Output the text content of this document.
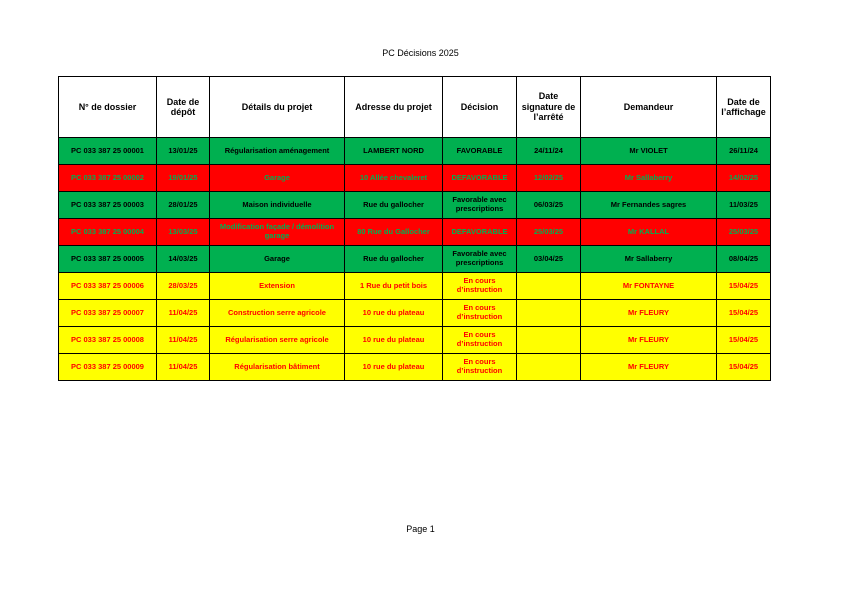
PC Décisions 2025
N° de dossier	Date de dépôt	Détails du projet	Adresse du projet	Décision	Date signature de l’arrêté	Demandeur	Date de l’affichage
PC 033 387 25 00001	13/01/25	Régularisation aménagement	LAMBERT NORD	FAVORABLE	24/11/24	Mr VIOLET	26/11/24
PC 033 387 25 00002	19/01/25	Garage	10 Allée chevaleret	DEFAVORABLE	12/02/25	Mr Sallaberry	14/02/25
PC 033 387 25 00003	28/01/25	Maison individuelle	Rue du gallocher	Favorable avec prescriptions	06/03/25	Mr Fernandes sagres	11/03/25
PC 033 387 25 00004	13/03/25	Modification façade / démolition garage	80 Rue du Gallocher	DEFAVORABLE	25/03/25	Mr KALLAL	25/03/25
PC 033 387 25 00005	14/03/25	Garage	Rue du gallocher	Favorable avec prescriptions	03/04/25	Mr Sallaberry	08/04/25
PC 033 387 25 00006	28/03/25	Extension	1 Rue du petit bois	En cours d’instruction		Mr FONTAYNE	15/04/25
PC 033 387 25 00007	11/04/25	Construction serre agricole	10 rue du plateau	En cours d’instruction		Mr FLEURY	15/04/25
PC 033 387 25 00008	11/04/25	Régularisation serre agricole	10 rue du plateau	En cours d’instruction		Mr FLEURY	15/04/25
PC 033 387 25 00009	11/04/25	Régularisation bâtiment	10 rue du plateau	En cours d’instruction		Mr FLEURY	15/04/25
Page 1
